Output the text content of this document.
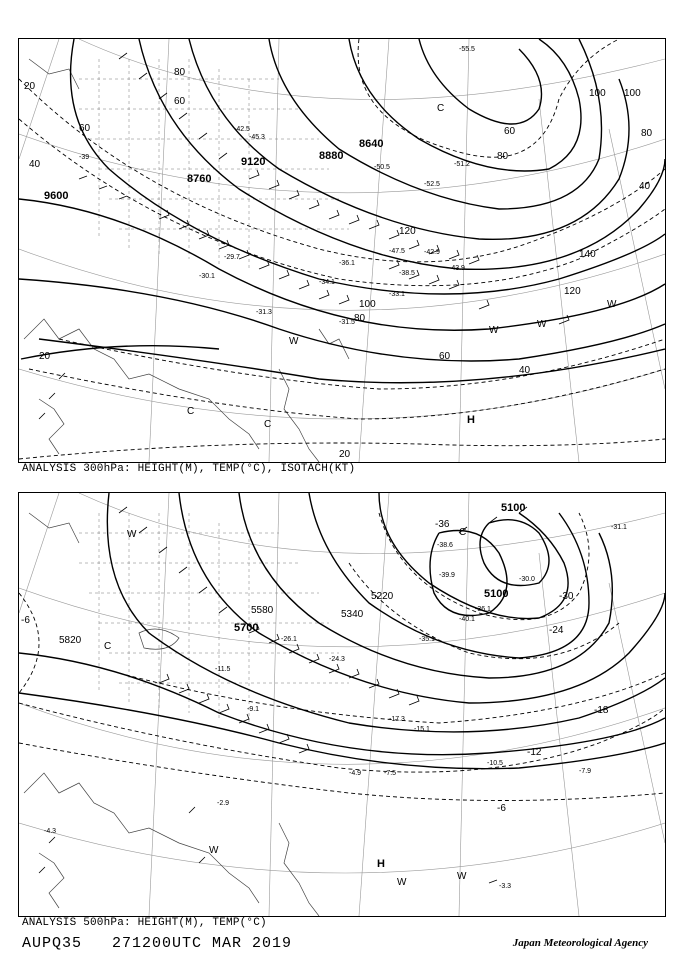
9600
8760
9120	8880
8640
20
40
60
80
100
120
140
120
100
80
60
40
20
60
80
100
80
60
40
20
-39
-45.3
-42.5
-51.2
-52.5
-47.5
-43.9
-38.5
-33.1
-30.1
-31.3
-29.7
-31.5
-34.1
-42.9
-36.1
-50.5
-55.5
C
C
C	H
W
W
W
W
ANALYSIS 300hPa: HEIGHT(M), TEMP(°C), ISOTACH(KT)
5820
5700
5580	5340
5220	5100
5100
-6
-12
-18
-24
-30
-36
-6
-38.6
-35.1
-26.1
-24.3
-17.3
-15.1
-11.5
-9.1
-7.5
-4.9
-2.9
-4.3
-3.3
-10.5
-7.9
-39.9
-36.1
-40.1
-31.1
-30.0
C
C
H
W
W
W
W
ANALYSIS 500hPa: HEIGHT(M), TEMP(°C)
AUPQ35 271200UTC MAR 2019	Japan Meteorological Agency
